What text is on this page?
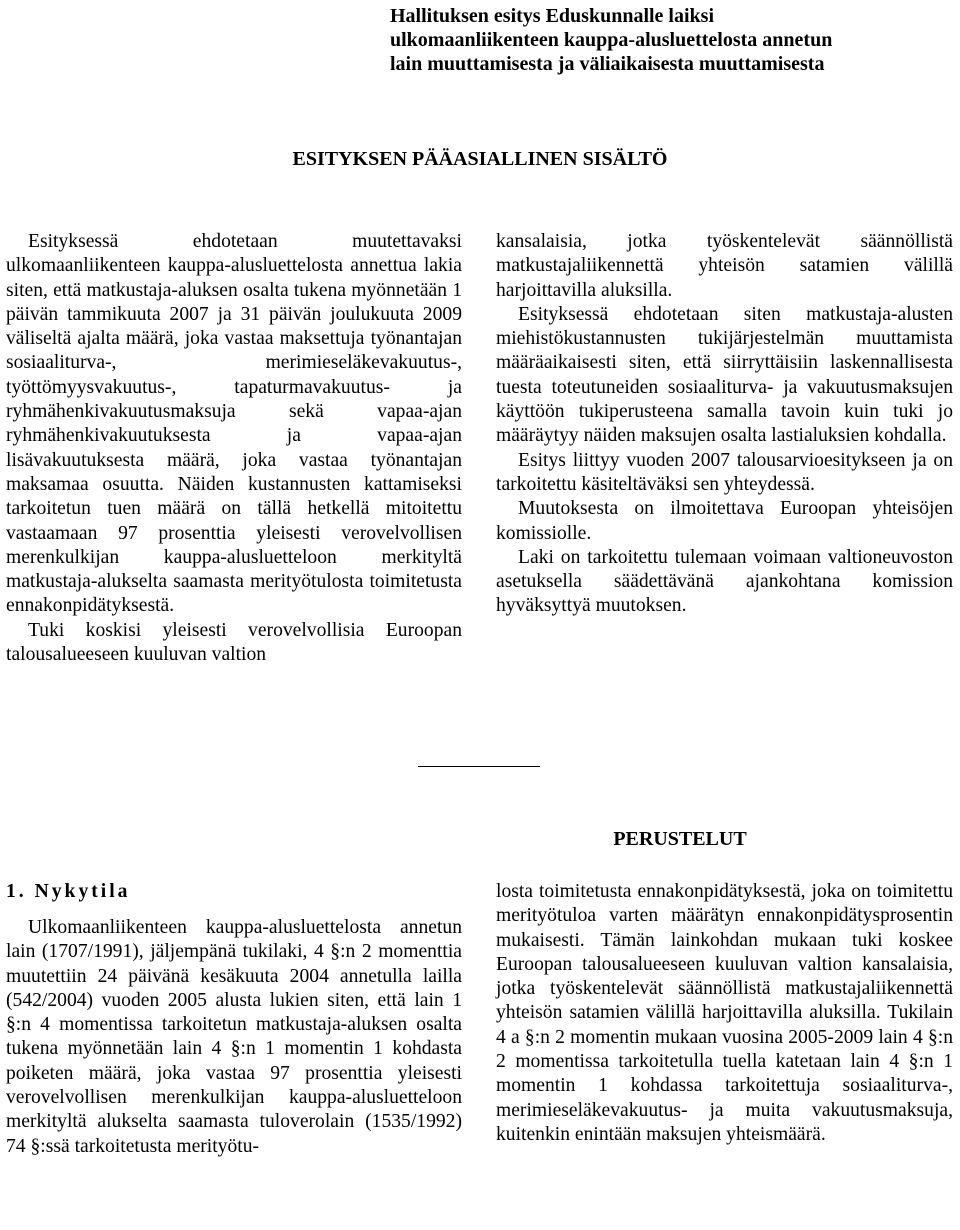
Hallituksen esitys Eduskunnalle laiksi ulkomaanliikenteen kauppa-alusluettelosta annetun lain muuttamisesta ja väliaikaisesta muuttamisesta
ESITYKSEN PÄÄASIALLINEN SISÄLTÖ

Esityksessä ehdotetaan muutettavaksi ulkomaanliikenteen kauppa-alusluettelosta annettua lakia siten, että matkustaja-aluksen osalta tukena myönnetään 1 päivän tammikuuta 2007 ja 31 päivän joulukuuta 2009 väliseltä ajalta määrä, joka vastaa maksettuja työnantajan sosiaaliturva-, merimieseläkevakuutus-, työttömyysvakuutus-, tapaturmavakuutus- ja ryhmähenkivakuutusmaksuja sekä vapaa-ajan ryhmähenkivakuutuksesta ja vapaa-ajan lisävakuutuksesta määrä, joka vastaa työnantajan maksamaa osuutta. Näiden kustannusten kattamiseksi tarkoitetun tuen määrä on tällä hetkellä mitoitettu vastaamaan 97 prosenttia yleisesti verovelvollisen merenkulkijan kauppa-alusluetteloon merkityltä matkustaja-alukselta saamasta merityötulosta toimitetusta ennakonpidätyksestä.

Tuki koskisi yleisesti verovelvollisia Euroopan talousalueeseen kuuluvan valtion

kansalaisia, jotka työskentelevät säännöllistä matkustajaliikennettä yhteisön satamien välillä harjoittavilla aluksilla.

Esityksessä ehdotetaan siten matkustaja-alusten miehistökustannusten tukijärjestelmän muuttamista määräaikaisesti siten, että siirryttäisiin laskennallisesta tuesta toteutuneiden sosiaaliturva- ja vakuutusmaksujen käyttöön tukiperusteena samalla tavoin kuin tuki jo määräytyy näiden maksujen osalta lastialuksien kohdalla.

Esitys liittyy vuoden 2007 talousarvioesitykseen ja on tarkoitettu käsiteltäväksi sen yhteydessä.

Muutoksesta on ilmoitettava Euroopan yhteisöjen komissiolle.

Laki on tarkoitettu tulemaan voimaan valtioneuvoston asetuksella säädettävänä ajankohtana komission hyväksyttyä muutoksen.

PERUSTELUT
1. Nykytila

Ulkomaanliikenteen kauppa-alusluettelosta annetun lain (1707/1991), jäljempänä tukilaki, 4 §:n 2 momenttia muutettiin 24 päivänä kesäkuuta 2004 annetulla lailla (542/2004) vuoden 2005 alusta lukien siten, että lain 1 §:n 4 momentissa tarkoitetun matkustaja-aluksen osalta tukena myönnetään lain 4 §:n 1 momentin 1 kohdasta poiketen määrä, joka vastaa 97 prosenttia yleisesti verovelvollisen merenkulkijan kauppa-alusluetteloon merkityltä alukselta saamasta tuloverolain (1535/1992) 74 §:ssä tarkoitetusta merityötu-

losta toimitetusta ennakonpidätyksestä, joka on toimitettu merityötuloa varten määrätyn ennakonpidätysprosentin mukaisesti. Tämän lainkohdan mukaan tuki koskee Euroopan talousalueeseen kuuluvan valtion kansalaisia, jotka työskentelevät säännöllistä matkustajaliikennettä yhteisön satamien välillä harjoittavilla aluksilla. Tukilain 4 a §:n 2 momentin mukaan vuosina 2005-2009 lain 4 §:n 2 momentissa tarkoitetulla tuella katetaan lain 4 §:n 1 momentin 1 kohdassa tarkoitettuja sosiaaliturva-, merimieseläkevakuutus- ja muita vakuutusmaksuja, kuitenkin enintään maksujen yhteismäärä.
